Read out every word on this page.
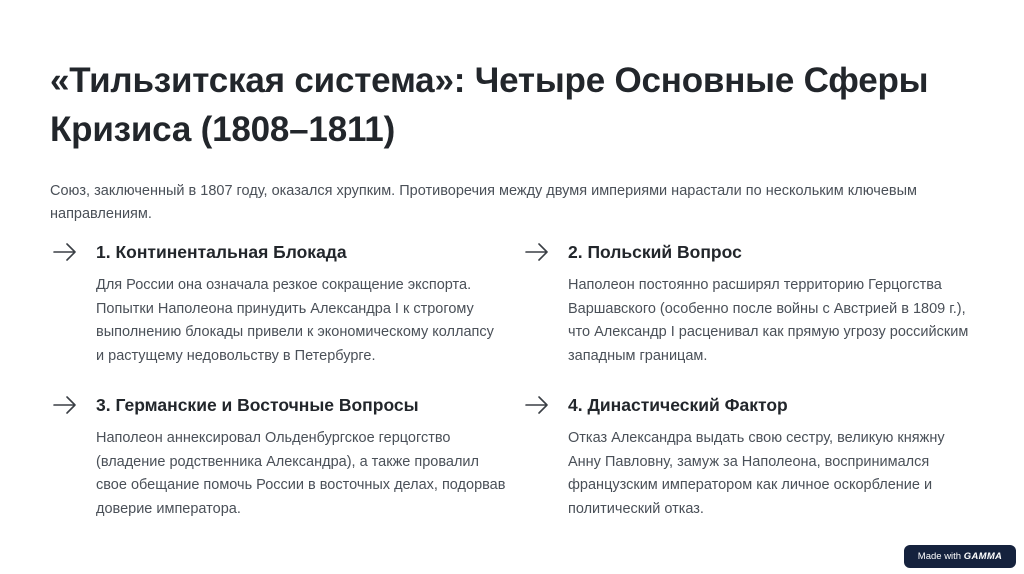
«Тильзитская система»: Четыре Основные Сферы Кризиса (1808–1811)

Союз, заключенный в 1807 году, оказался хрупким. Противоречия между двумя империями нарастали по нескольким ключевым направлениям.

1. Континентальная Блокада

Для России она означала резкое сокращение экспорта. Попытки Наполеона принудить Александра I к строгому выполнению блокады привели к экономическому коллапсу и растущему недовольству в Петербурге.

2. Польский Вопрос

Наполеон постоянно расширял территорию Герцогства Варшавского (особенно после войны с Австрией в 1809 г.), что Александр I расценивал как прямую угрозу российским западным границам.

3. Германские и Восточные Вопросы

Наполеон аннексировал Ольденбургское герцогство (владение родственника Александра), а также провалил свое обещание помочь России в восточных делах, подорвав доверие императора.

4. Династический Фактор

Отказ Александра выдать свою сестру, великую княжну Анну Павловну, замуж за Наполеона, воспринимался французским императором как личное оскорбление и политический отказ.

Made with GAMMA
